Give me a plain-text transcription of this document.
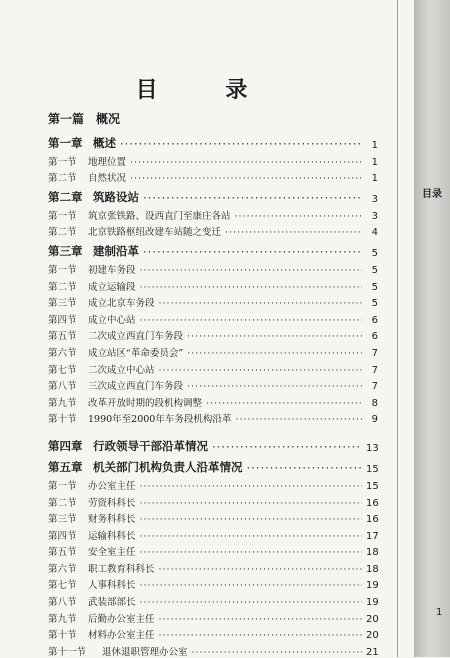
目 录
第一篇 概况
第一章 概述 ·····	1
第一节	地理位置 ·····	1
第二节	自然状况 ·····	1
第二章 筑路设站 ·····	3
第一节	筑京张铁路、设西直门至康庄各站 ·····	3
第二节	北京铁路枢纽改建车站随之变迁 ·····	4
第三章 建制沿革 ·····	5
第一节	初建车务段 ·····	5
第二节	成立运输段 ·····	5
第三节	成立北京车务段 ·····	5
第四节	成立中心站 ·····	6
第五节	二次成立西直门车务段 ·····	6
第六节	成立站区“革命委员会” ·····	7
第七节	二次成立中心站 ·····	7
第八节	三次成立西直门车务段 ·····	7
第九节	改革开放时期的段机构调整 ·····	8
第十节	1990年至2000年车务段机构沿革 ·····	9
第四章 行政领导干部沿革情况 ·····	13
第五章 机关部门机构负责人沿革情况 ·····	15
第一节	办公室主任 ·····	15
第二节	劳资科科长 ·····	16
第三节	财务科科长 ·····	16
第四节	运输科科长 ·····	17
第五节	安全室主任 ·····	18
第六节	职工教育科科长 ·····	18
第七节	人事科科长 ·····	19
第八节	武装部部长 ·····	19
第九节	后勤办公室主任 ·····	20
第十节	材料办公室主任 ·····	20
第十一节	退休退职管理办公室 ·····	21
目录
1
